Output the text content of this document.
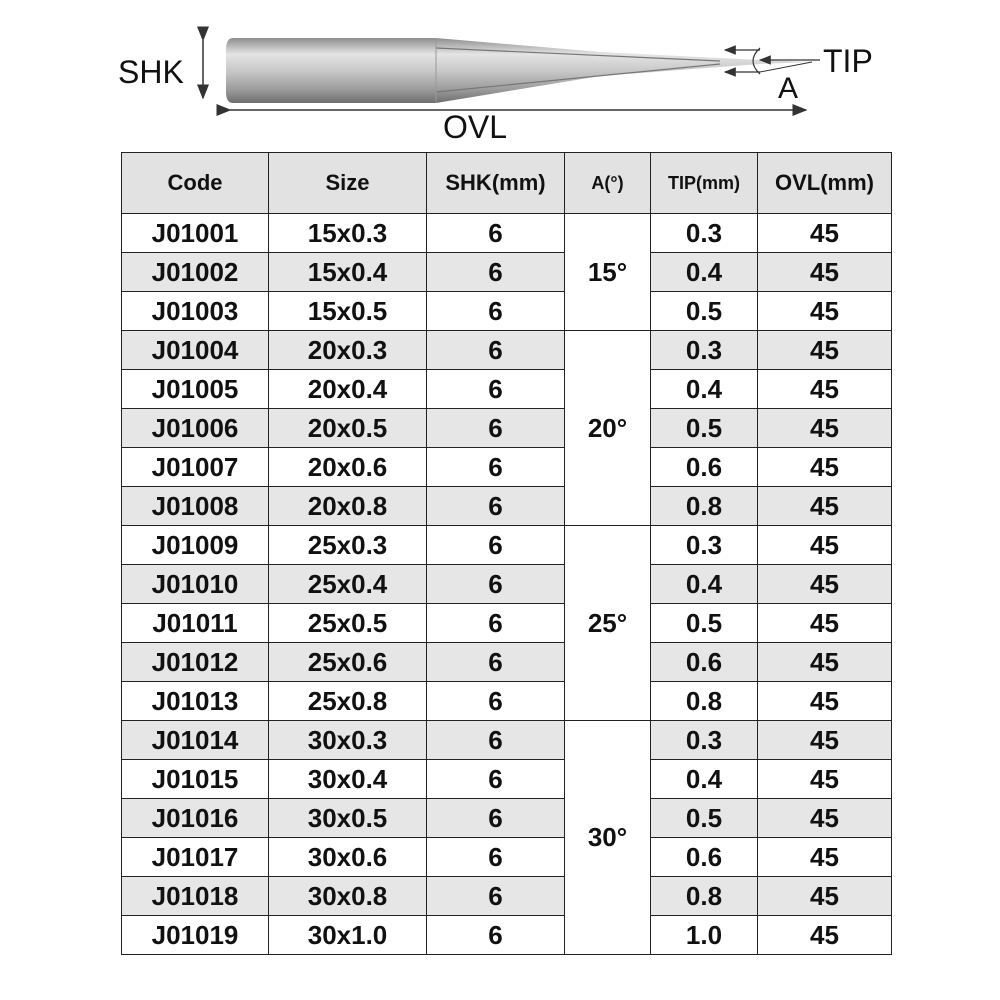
SHK
OVL
TIP
A
Code	Size	SHK(mm)	A(°)	TIP(mm)	OVL(mm)
J01001	15x0.3	6	15°	0.3	45
J01002	15x0.4	6		0.4	45
J01003	15x0.5	6		0.5	45
J01004	20x0.3	6	20°	0.3	45
J01005	20x0.4	6		0.4	45
J01006	20x0.5	6		0.5	45
J01007	20x0.6	6		0.6	45
J01008	20x0.8	6		0.8	45
J01009	25x0.3	6	25°	0.3	45
J01010	25x0.4	6		0.4	45
J01011	25x0.5	6		0.5	45
J01012	25x0.6	6		0.6	45
J01013	25x0.8	6		0.8	45
J01014	30x0.3	6	30°	0.3	45
J01015	30x0.4	6		0.4	45
J01016	30x0.5	6		0.5	45
J01017	30x0.6	6		0.6	45
J01018	30x0.8	6		0.8	45
J01019	30x1.0	6		1.0	45
